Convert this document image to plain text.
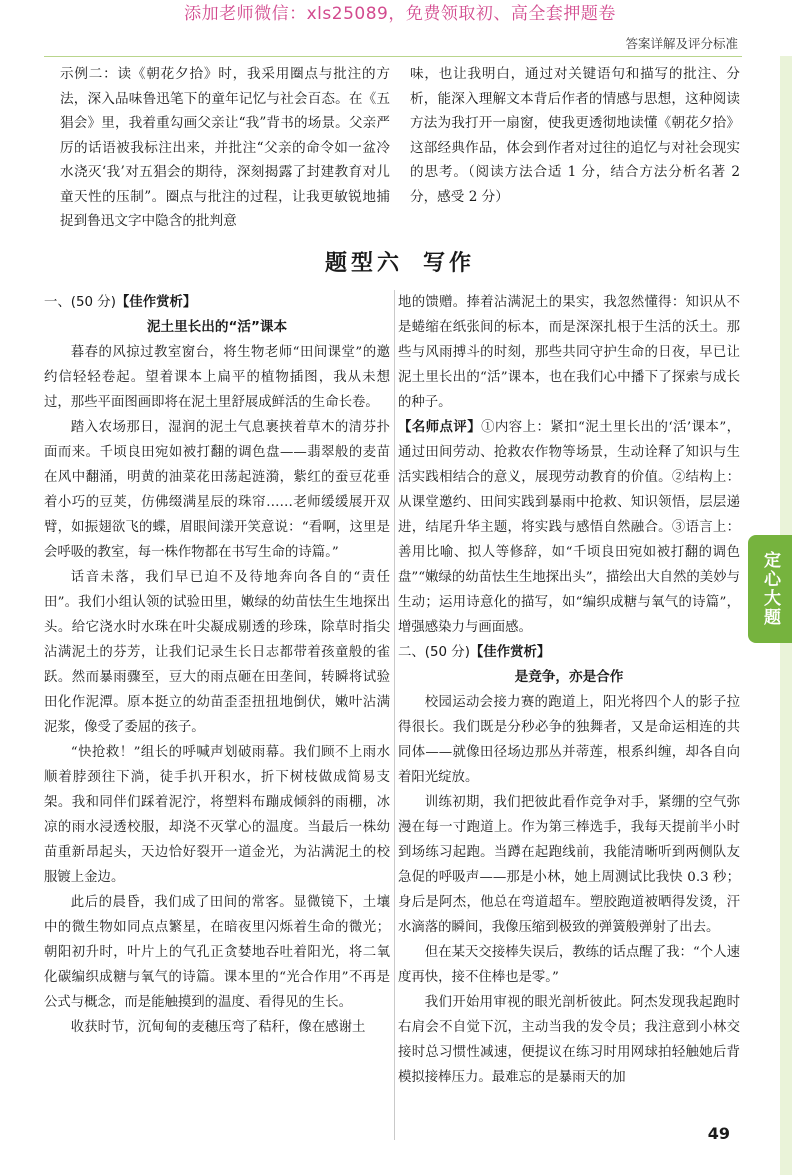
添加老师微信：xls25089，免费领取初、高全套押题卷
答案详解及评分标准
示例二：读《朝花夕拾》时，我采用圈点与批注的方法，深入品味鲁迅笔下的童年记忆与社会百态。在《五猖会》里，我着重勾画父亲让“我”背书的场景。父亲严厉的话语被我标注出来，并批注“父亲的命令如一盆冷水浇灭‘我’对五猖会的期待，深刻揭露了封建教育对儿童天性的压制”。圈点与批注的过程，让我更敏锐地捕捉到鲁迅文字中隐含的批判意
味，也让我明白，通过对关键语句和描写的批注、分析，能深入理解文本背后作者的情感与思想，这种阅读方法为我打开一扇窗，使我更透彻地读懂《朝花夕拾》这部经典作品，体会到作者对过往的追忆与对社会现实的思考。（阅读方法合适 1 分，结合方法分析名著 2 分，感受 2 分）
题型六 写作
一、(50 分)【佳作赏析】
泥土里长出的“活”课本

暮春的风掠过教室窗台，将生物老师“田间课堂”的邀约信轻轻卷起。望着课本上扁平的植物插图，我从未想过，那些平面图画即将在泥土里舒展成鲜活的生命长卷。

踏入农场那日，湿润的泥土气息裹挟着草木的清芬扑面而来。千顷良田宛如被打翻的调色盘——翡翠般的麦苗在风中翻涌，明黄的油菜花田荡起涟漪，紫红的蚕豆花垂着小巧的豆荚，仿佛缀满星辰的珠帘……老师缓缓展开双臂，如振翅欲飞的蝶，眉眼间漾开笑意说：“看啊，这里是会呼吸的教室，每一株作物都在书写生命的诗篇。”

话音未落，我们早已迫不及待地奔向各自的“责任田”。我们小组认领的试验田里，嫩绿的幼苗怯生生地探出头。给它浇水时水珠在叶尖凝成剔透的珍珠，除草时指尖沾满泥土的芬芳，让我们记录生长日志都带着孩童般的雀跃。然而暴雨骤至，豆大的雨点砸在田垄间，转瞬将试验田化作泥潭。原本挺立的幼苗歪歪扭扭地倒伏，嫩叶沾满泥浆，像受了委屈的孩子。

“快抢救！”组长的呼喊声划破雨幕。我们顾不上雨水顺着脖颈往下淌，徒手扒开积水，折下树枝做成简易支架。我和同伴们踩着泥泞，将塑料布蹦成倾斜的雨棚，冰凉的雨水浸透校服，却浇不灭掌心的温度。当最后一株幼苗重新昂起头，天边恰好裂开一道金光，为沾满泥土的校服镀上金边。

此后的晨昏，我们成了田间的常客。显微镜下，土壤中的微生物如同点点繁星，在暗夜里闪烁着生命的微光；朝阳初升时，叶片上的气孔正贪婪地吞吐着阳光，将二氧化碳编织成糖与氧气的诗篇。课本里的“光合作用”不再是公式与概念，而是能触摸到的温度、看得见的生长。

收获时节，沉甸甸的麦穗压弯了秸秆，像在感谢土

地的馈赠。捧着沾满泥土的果实，我忽然懂得：知识从不是蜷缩在纸张间的标本，而是深深扎根于生活的沃土。那些与风雨搏斗的时刻，那些共同守护生命的日夜，早已让泥土里长出的“活”课本，也在我们心中播下了探索与成长的种子。

【名师点评】①内容上：紧扣“泥土里长出的‘活’课本”，通过田间劳动、抢救农作物等场景，生动诠释了知识与生活实践相结合的意义，展现劳动教育的价值。②结构上：从课堂邀约、田间实践到暴雨中抢救、知识领悟，层层递进，结尾升华主题，将实践与感悟自然融合。③语言上：善用比喻、拟人等修辞，如“千顷良田宛如被打翻的调色盘”“嫩绿的幼苗怯生生地探出头”，描绘出大自然的美妙与生动；运用诗意化的描写，如“编织成糖与氧气的诗篇”，增强感染力与画面感。

二、(50 分)【佳作赏析】
是竞争，亦是合作

校园运动会接力赛的跑道上，阳光将四个人的影子拉得很长。我们既是分秒必争的独舞者，又是命运相连的共同体——就像田径场边那丛并蒂莲，根系纠缠，却各自向着阳光绽放。

训练初期，我们把彼此看作竞争对手，紧绷的空气弥漫在每一寸跑道上。作为第三棒选手，我每天提前半小时到场练习起跑。当蹲在起跑线前，我能清晰听到两侧队友急促的呼吸声——那是小林，她上周测试比我快 0.3 秒；身后是阿杰，他总在弯道超车。塑胶跑道被晒得发烫，汗水滴落的瞬间，我像压缩到极致的弹簧般弹射了出去。

但在某天交接棒失误后，教练的话点醒了我：“个人速度再快，接不住棒也是零。”

我们开始用审视的眼光剖析彼此。阿杰发现我起跑时右肩会不自觉下沉，主动当我的发令员；我注意到小林交接时总习惯性减速，便提议在练习时用网球拍轻触她后背模拟接棒压力。最难忘的是暴雨天的加

定心大题
49
